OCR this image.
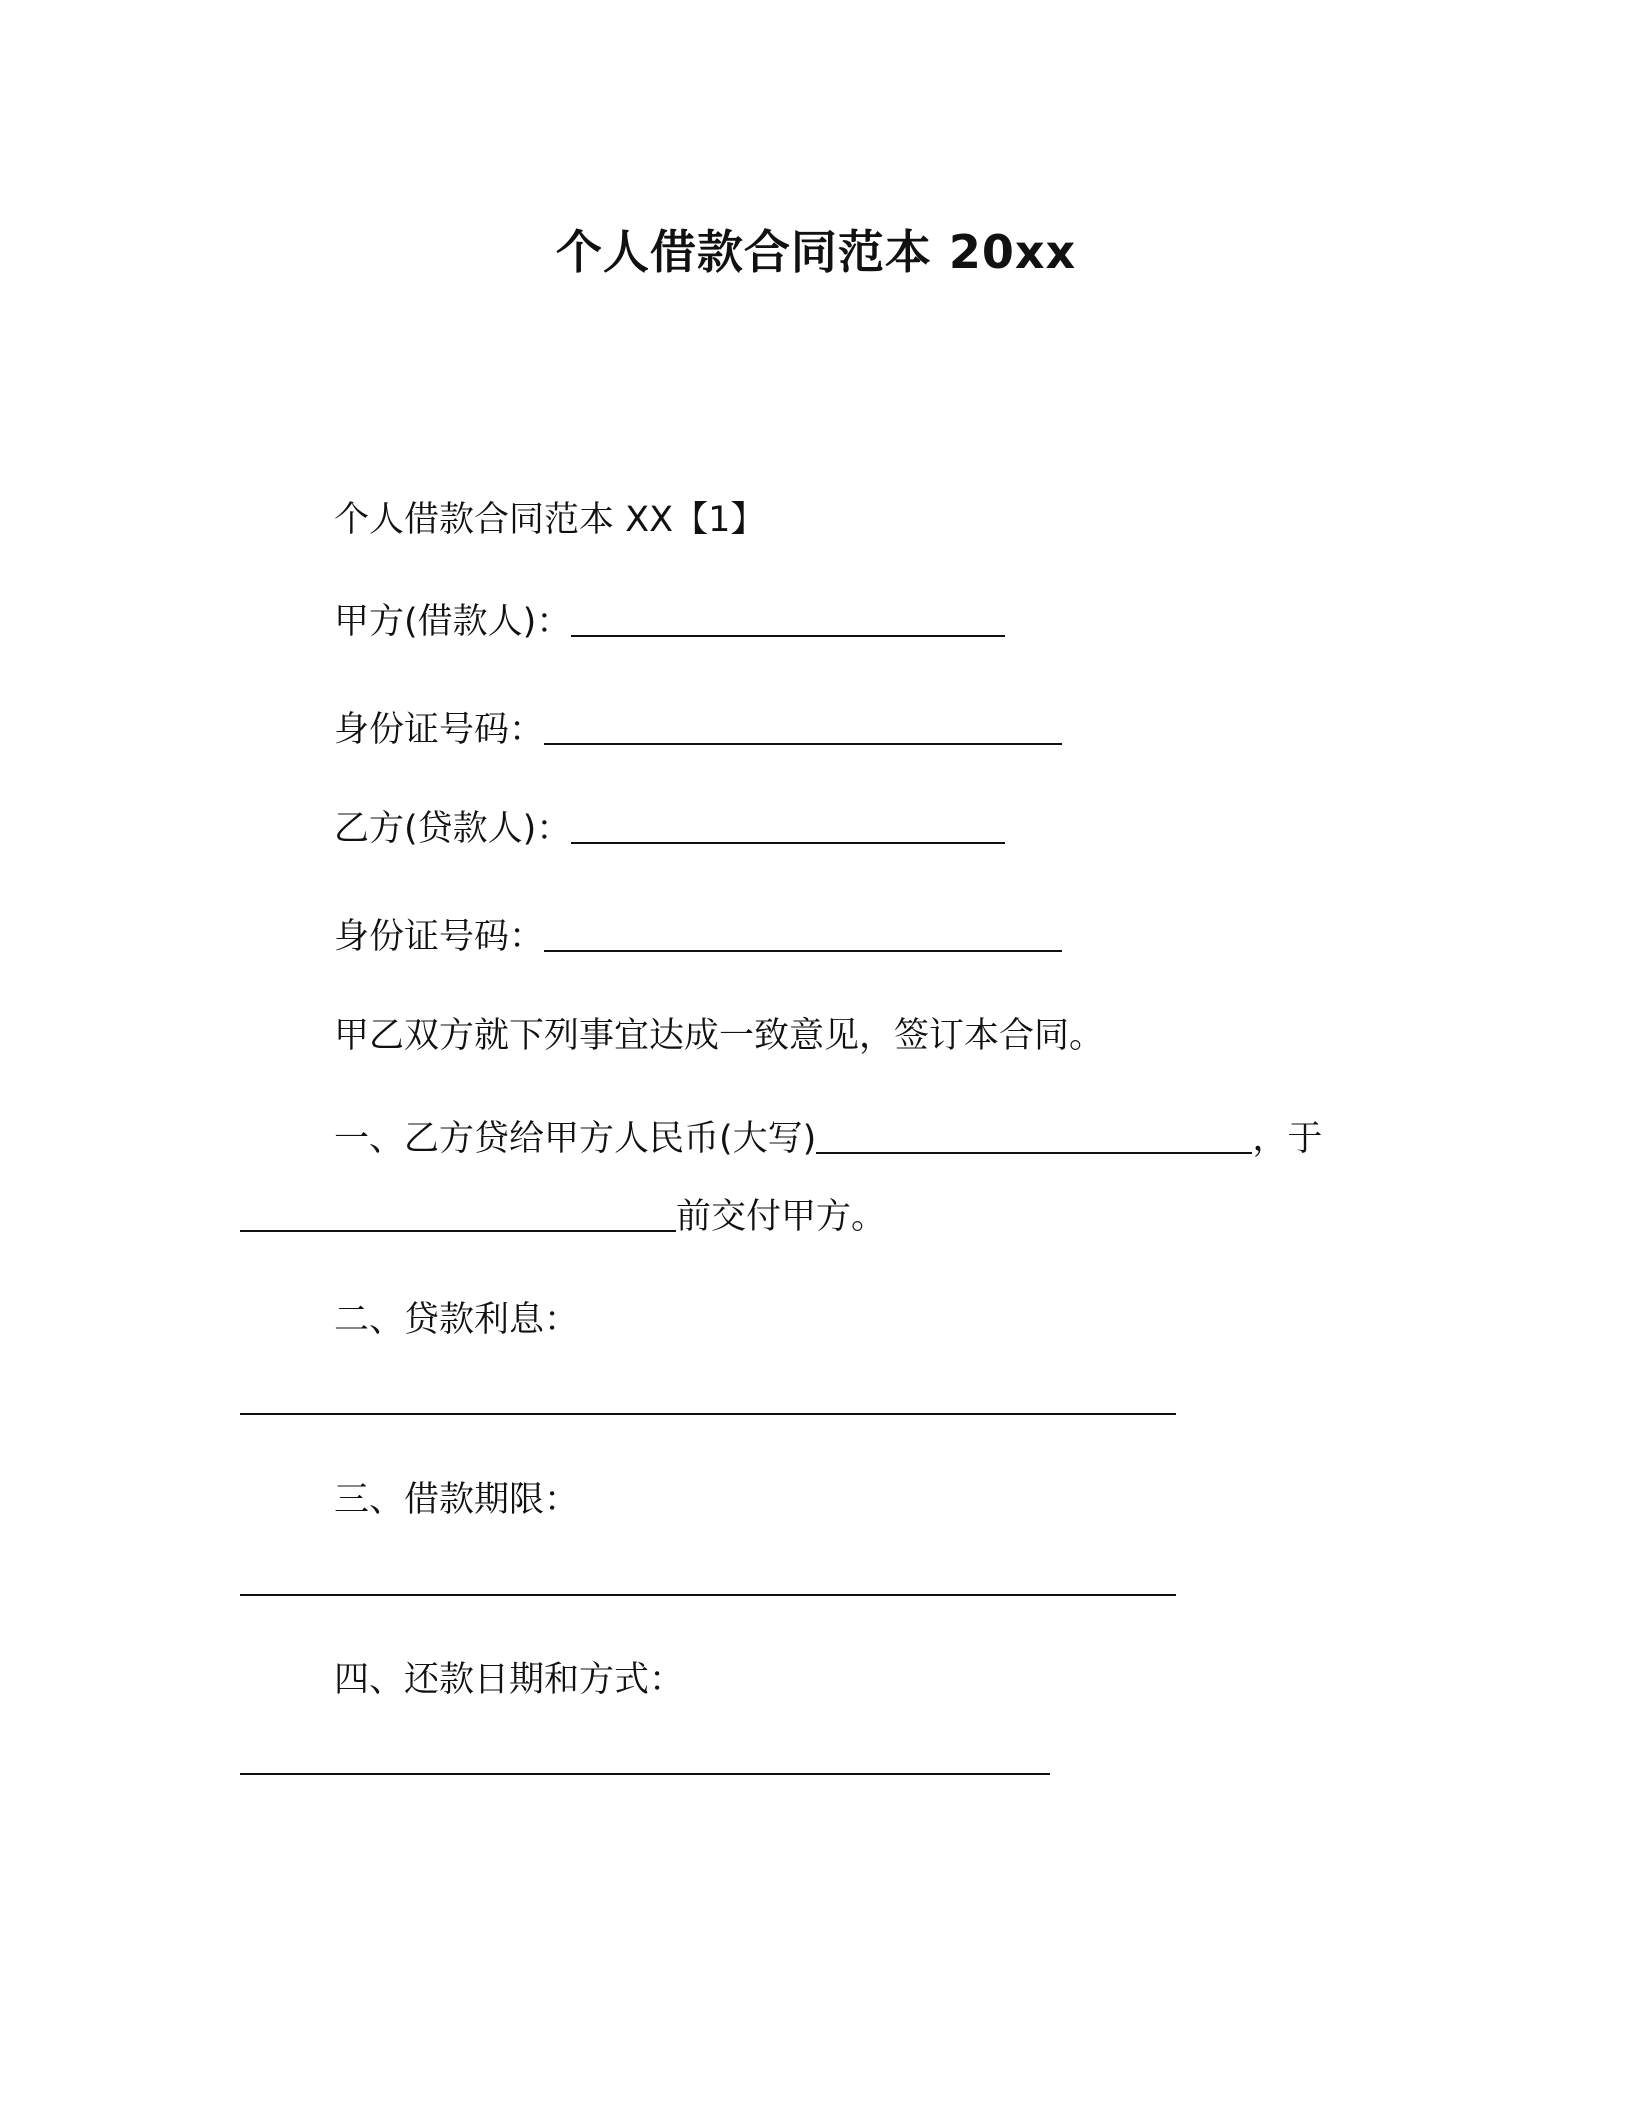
个人借款合同范本 20xx
个人借款合同范本 XX【1】
甲方(借款人)：
身份证号码：
乙方(贷款人)：
身份证号码：
甲乙双方就下列事宜达成一致意见，签订本合同。
一、乙方贷给甲方人民币(大写)	，于
前交付甲方。
二、贷款利息：
三、借款期限：
四、还款日期和方式：
